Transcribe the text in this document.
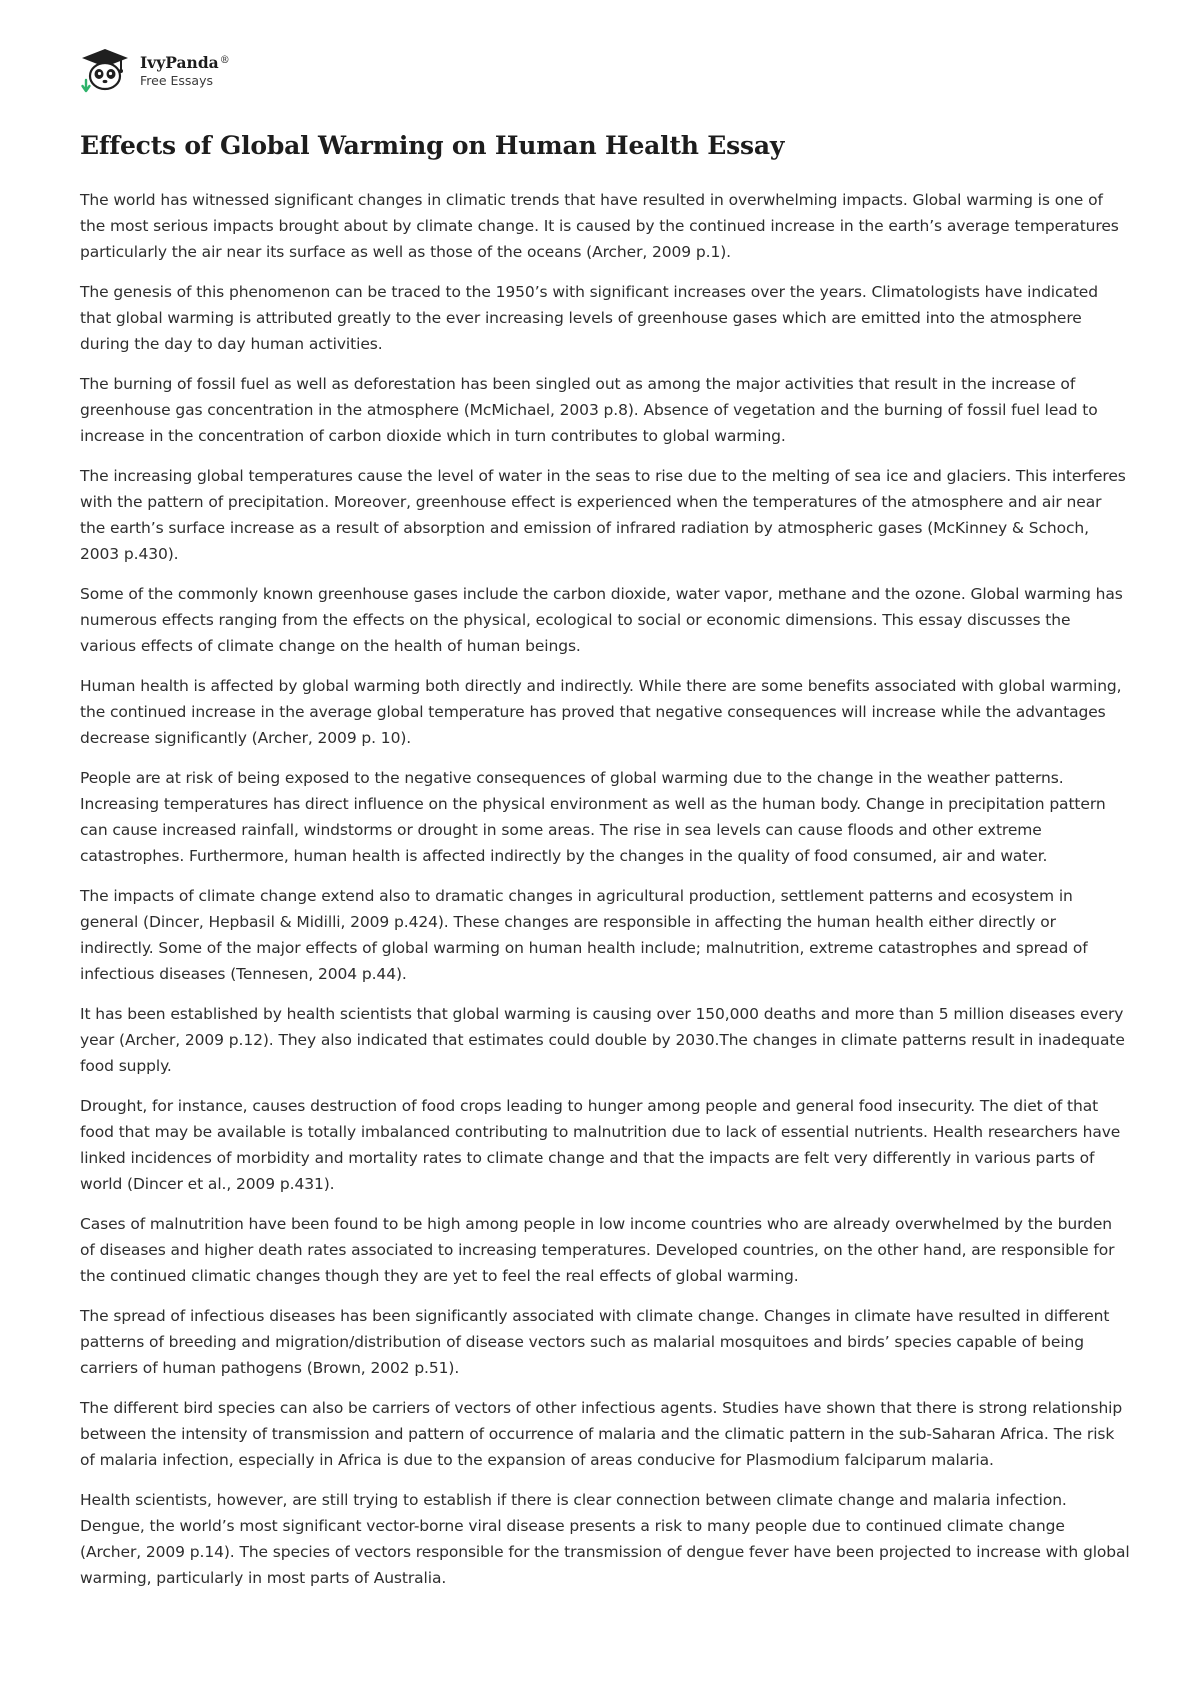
IvyPanda®
Free Essays
Effects of Global Warming on Human Health Essay

The world has witnessed significant changes in climatic trends that have resulted in overwhelming impacts. Global warming is one of the most serious impacts brought about by climate change. It is caused by the continued increase in the earth’s average temperatures particularly the air near its surface as well as those of the oceans (Archer, 2009 p.1).

The genesis of this phenomenon can be traced to the 1950’s with significant increases over the years. Climatologists have indicated that global warming is attributed greatly to the ever increasing levels of greenhouse gases which are emitted into the atmosphere during the day to day human activities.

The burning of fossil fuel as well as deforestation has been singled out as among the major activities that result in the increase of greenhouse gas concentration in the atmosphere (McMichael, 2003 p.8). Absence of vegetation and the burning of fossil fuel lead to increase in the concentration of carbon dioxide which in turn contributes to global warming.

The increasing global temperatures cause the level of water in the seas to rise due to the melting of sea ice and glaciers. This interferes with the pattern of precipitation. Moreover, greenhouse effect is experienced when the temperatures of the atmosphere and air near the earth’s surface increase as a result of absorption and emission of infrared radiation by atmospheric gases (McKinney & Schoch, 2003 p.430).

Some of the commonly known greenhouse gases include the carbon dioxide, water vapor, methane and the ozone. Global warming has numerous effects ranging from the effects on the physical, ecological to social or economic dimensions. This essay discusses the various effects of climate change on the health of human beings.

Human health is affected by global warming both directly and indirectly. While there are some benefits associated with global warming, the continued increase in the average global temperature has proved that negative consequences will increase while the advantages decrease significantly (Archer, 2009 p. 10).

People are at risk of being exposed to the negative consequences of global warming due to the change in the weather patterns. Increasing temperatures has direct influence on the physical environment as well as the human body. Change in precipitation pattern can cause increased rainfall, windstorms or drought in some areas. The rise in sea levels can cause floods and other extreme catastrophes. Furthermore, human health is affected indirectly by the changes in the quality of food consumed, air and water.

The impacts of climate change extend also to dramatic changes in agricultural production, settlement patterns and ecosystem in general (Dincer, Hepbasil & Midilli, 2009 p.424). These changes are responsible in affecting the human health either directly or indirectly. Some of the major effects of global warming on human health include; malnutrition, extreme catastrophes and spread of infectious diseases (Tennesen, 2004 p.44).

It has been established by health scientists that global warming is causing over 150,000 deaths and more than 5 million diseases every year (Archer, 2009 p.12). They also indicated that estimates could double by 2030.The changes in climate patterns result in inadequate food supply.

Drought, for instance, causes destruction of food crops leading to hunger among people and general food insecurity. The diet of that food that may be available is totally imbalanced contributing to malnutrition due to lack of essential nutrients. Health researchers have linked incidences of morbidity and mortality rates to climate change and that the impacts are felt very differently in various parts of world (Dincer et al., 2009 p.431).

Cases of malnutrition have been found to be high among people in low income countries who are already overwhelmed by the burden of diseases and higher death rates associated to increasing temperatures. Developed countries, on the other hand, are responsible for the continued climatic changes though they are yet to feel the real effects of global warming.

The spread of infectious diseases has been significantly associated with climate change. Changes in climate have resulted in different patterns of breeding and migration/distribution of disease vectors such as malarial mosquitoes and birds’ species capable of being carriers of human pathogens (Brown, 2002 p.51).

The different bird species can also be carriers of vectors of other infectious agents. Studies have shown that there is strong relationship between the intensity of transmission and pattern of occurrence of malaria and the climatic pattern in the sub-Saharan Africa. The risk of malaria infection, especially in Africa is due to the expansion of areas conducive for Plasmodium falciparum malaria.

Health scientists, however, are still trying to establish if there is clear connection between climate change and malaria infection. Dengue, the world’s most significant vector-borne viral disease presents a risk to many people due to continued climate change (Archer, 2009 p.14). The species of vectors responsible for the transmission of dengue fever have been projected to increase with global warming, particularly in most parts of Australia.
